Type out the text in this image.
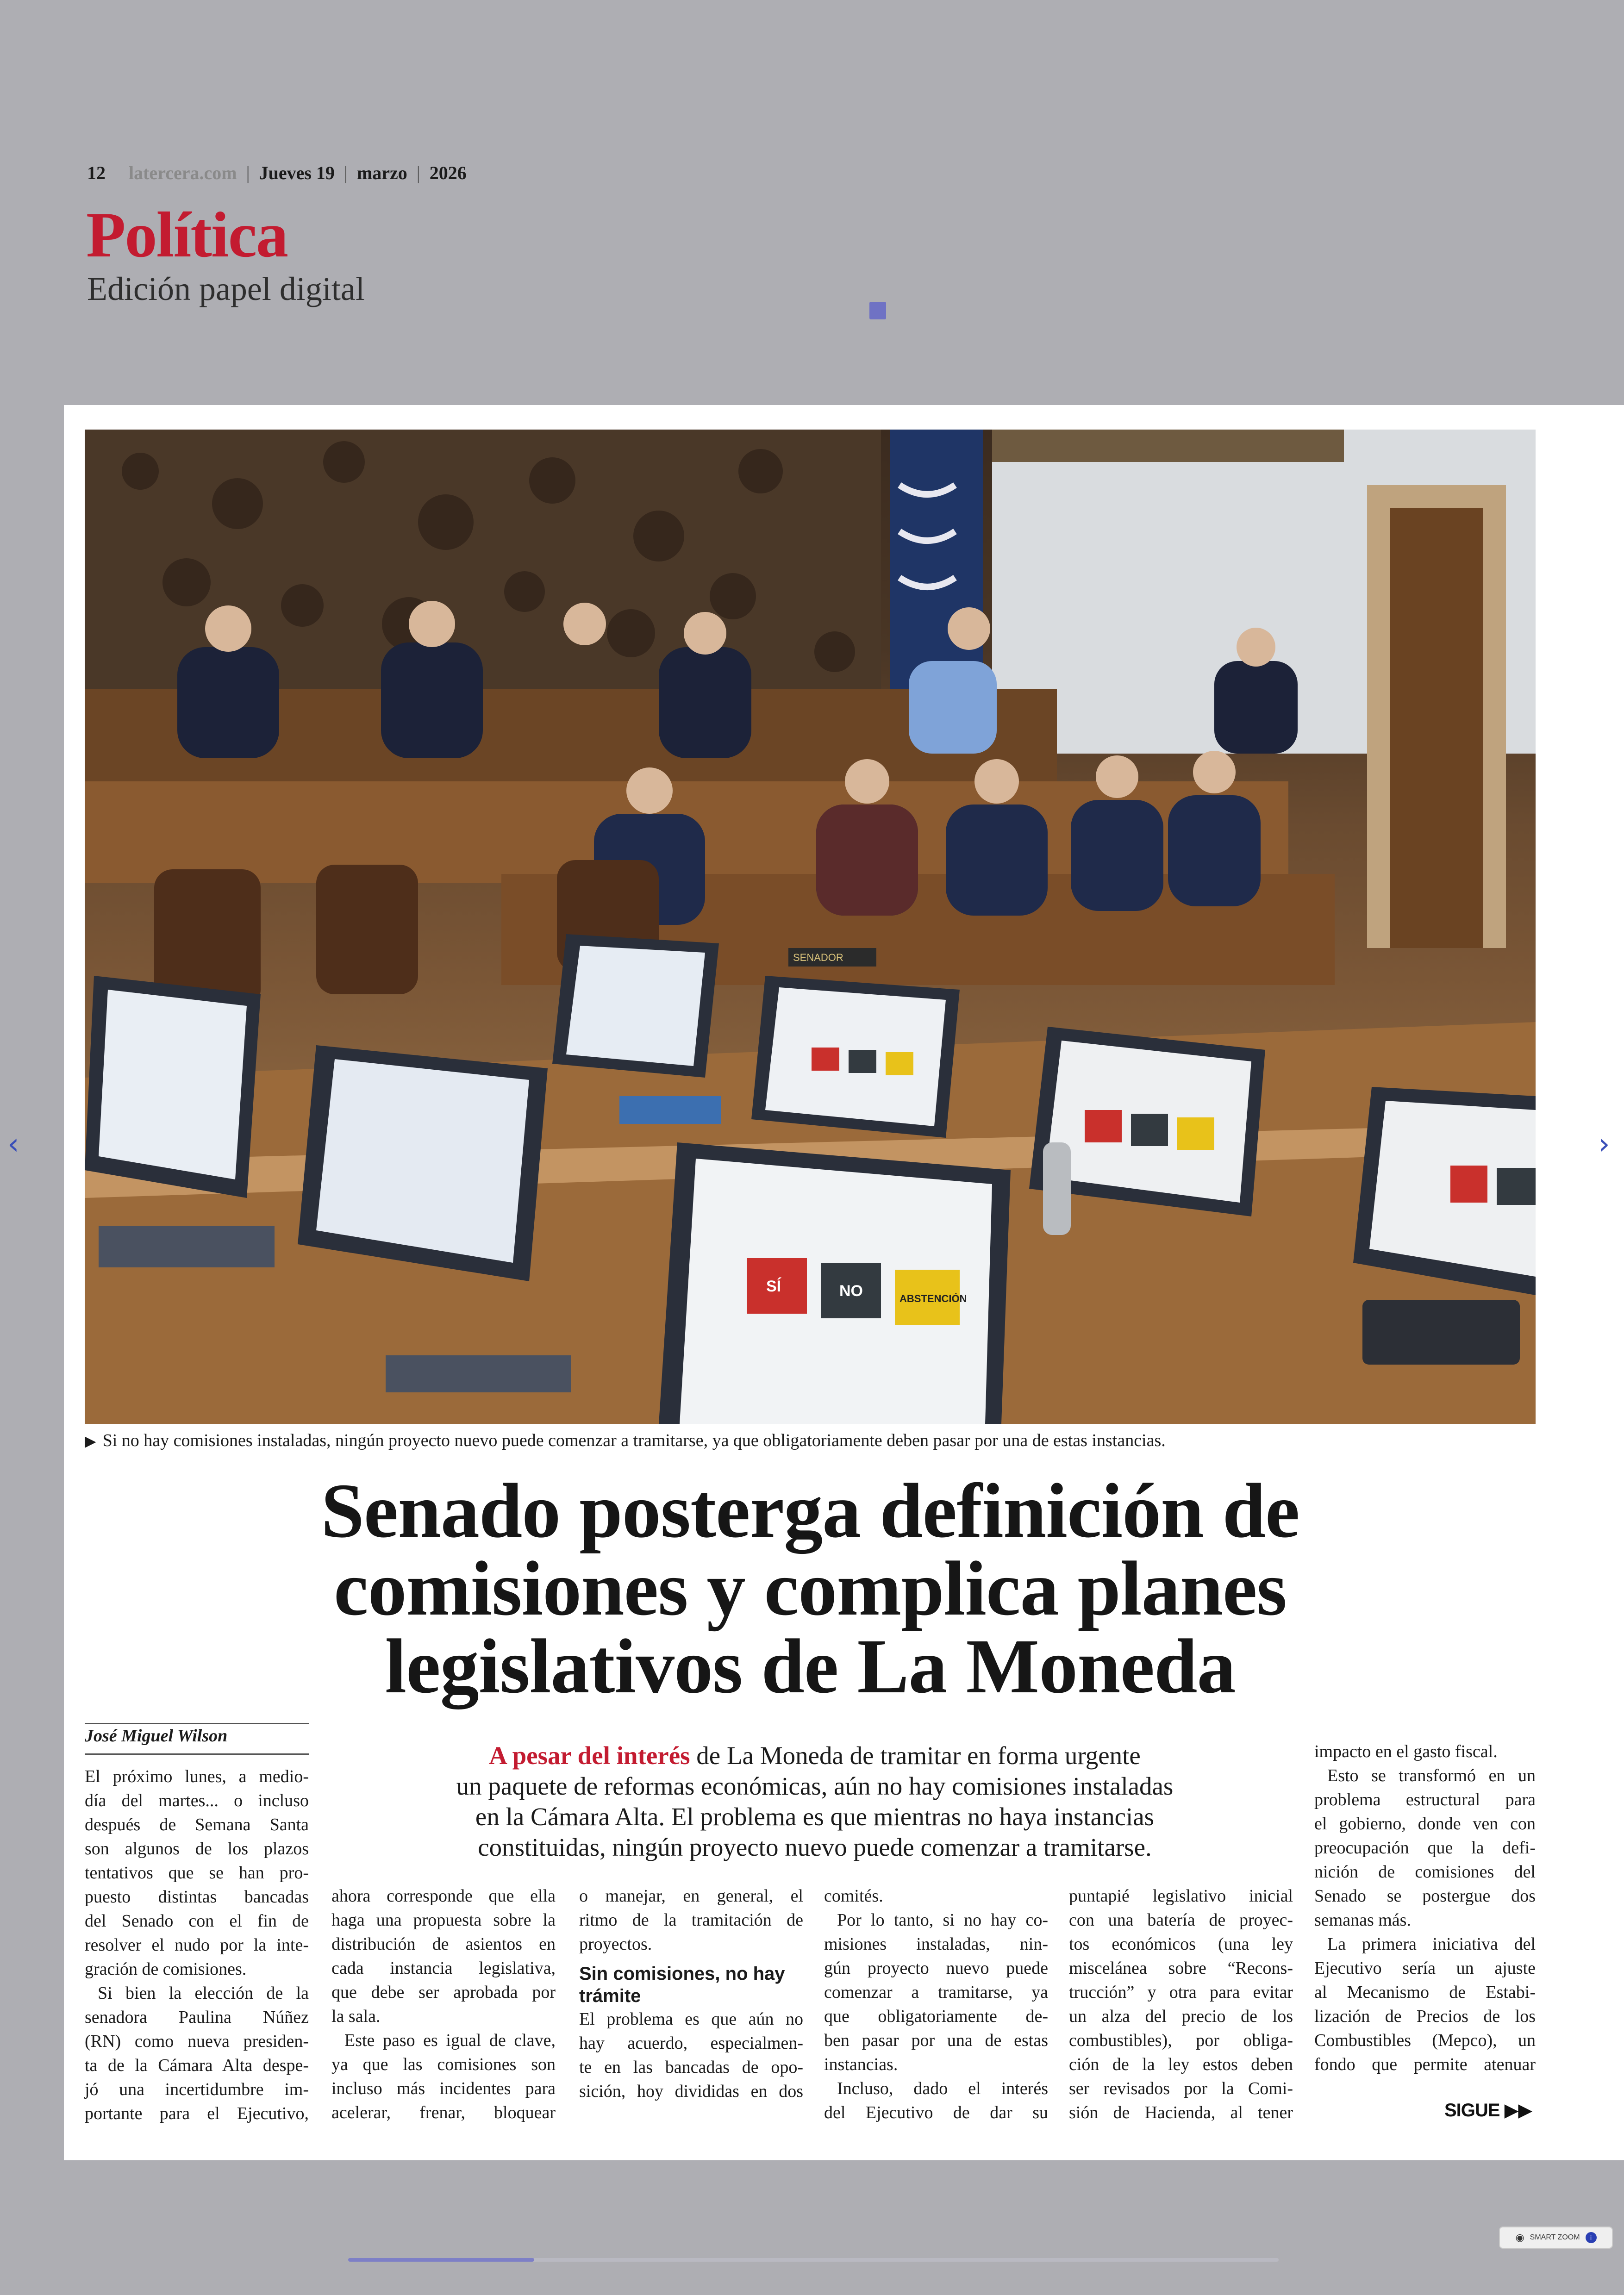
12 latercera.com | Jueves 19 | marzo | 2026
Política
Edición papel digital
SÍ	NO	ABSTENCIÓN
SENADOR
▶ Si no hay comisiones instaladas, ningún proyecto nuevo puede comenzar a tramitarse, ya que obligatoriamente deben pasar por una de estas instancias.
Senado posterga definición de
comisiones y complica planes
legislativos de La Moneda
José Miguel Wilson
A pesar del interés de La Moneda de tramitar en forma urgente
un paquete de reformas económicas, aún no hay comisiones instaladas
en la Cámara Alta. El problema es que mientras no haya instancias
constituidas, ningún proyecto nuevo puede comenzar a tramitarse.
El próximo lunes, a medio-
día del martes... o incluso
después de Semana Santa
son algunos de los plazos
tentativos que se han pro-
puesto distintas bancadas
del Senado con el fin de
resolver el nudo por la inte-
gración de comisiones.
Si bien la elección de la
senadora Paulina Núñez
(RN) como nueva presiden-
ta de la Cámara Alta despe-
jó una incertidumbre im-
portante para el Ejecutivo,
ahora corresponde que ella
haga una propuesta sobre la
distribución de asientos en
cada instancia legislativa,
que debe ser aprobada por
la sala.
Este paso es igual de clave,
ya que las comisiones son
incluso más incidentes para
acelerar, frenar, bloquear
o manejar, en general, el
ritmo de la tramitación de
proyectos.
Sin comisiones, no hay
trámite
El problema es que aún no
hay acuerdo, especialmen-
te en las bancadas de opo-
sición, hoy divididas en dos
comités.
Por lo tanto, si no hay co-
misiones instaladas, nin-
gún proyecto nuevo puede
comenzar a tramitarse, ya
que obligatoriamente de-
ben pasar por una de estas
instancias.
Incluso, dado el interés
del Ejecutivo de dar su
puntapié legislativo inicial
con una batería de proyec-
tos económicos (una ley
miscelánea sobre “Recons-
trucción” y otra para evitar
un alza del precio de los
combustibles), por obliga-
ción de la ley estos deben
ser revisados por la Comi-
sión de Hacienda, al tener
impacto en el gasto fiscal.
Esto se transformó en un
problema estructural para
el gobierno, donde ven con
preocupación que la defi-
nición de comisiones del
Senado se postergue dos
semanas más.
La primera iniciativa del
Ejecutivo sería un ajuste
al Mecanismo de Estabi-
lización de Precios de los
Combustibles (Mepco), un
fondo que permite atenuar
SIGUE ▶▶
‹	›
◉ SMART ZOOM	i
